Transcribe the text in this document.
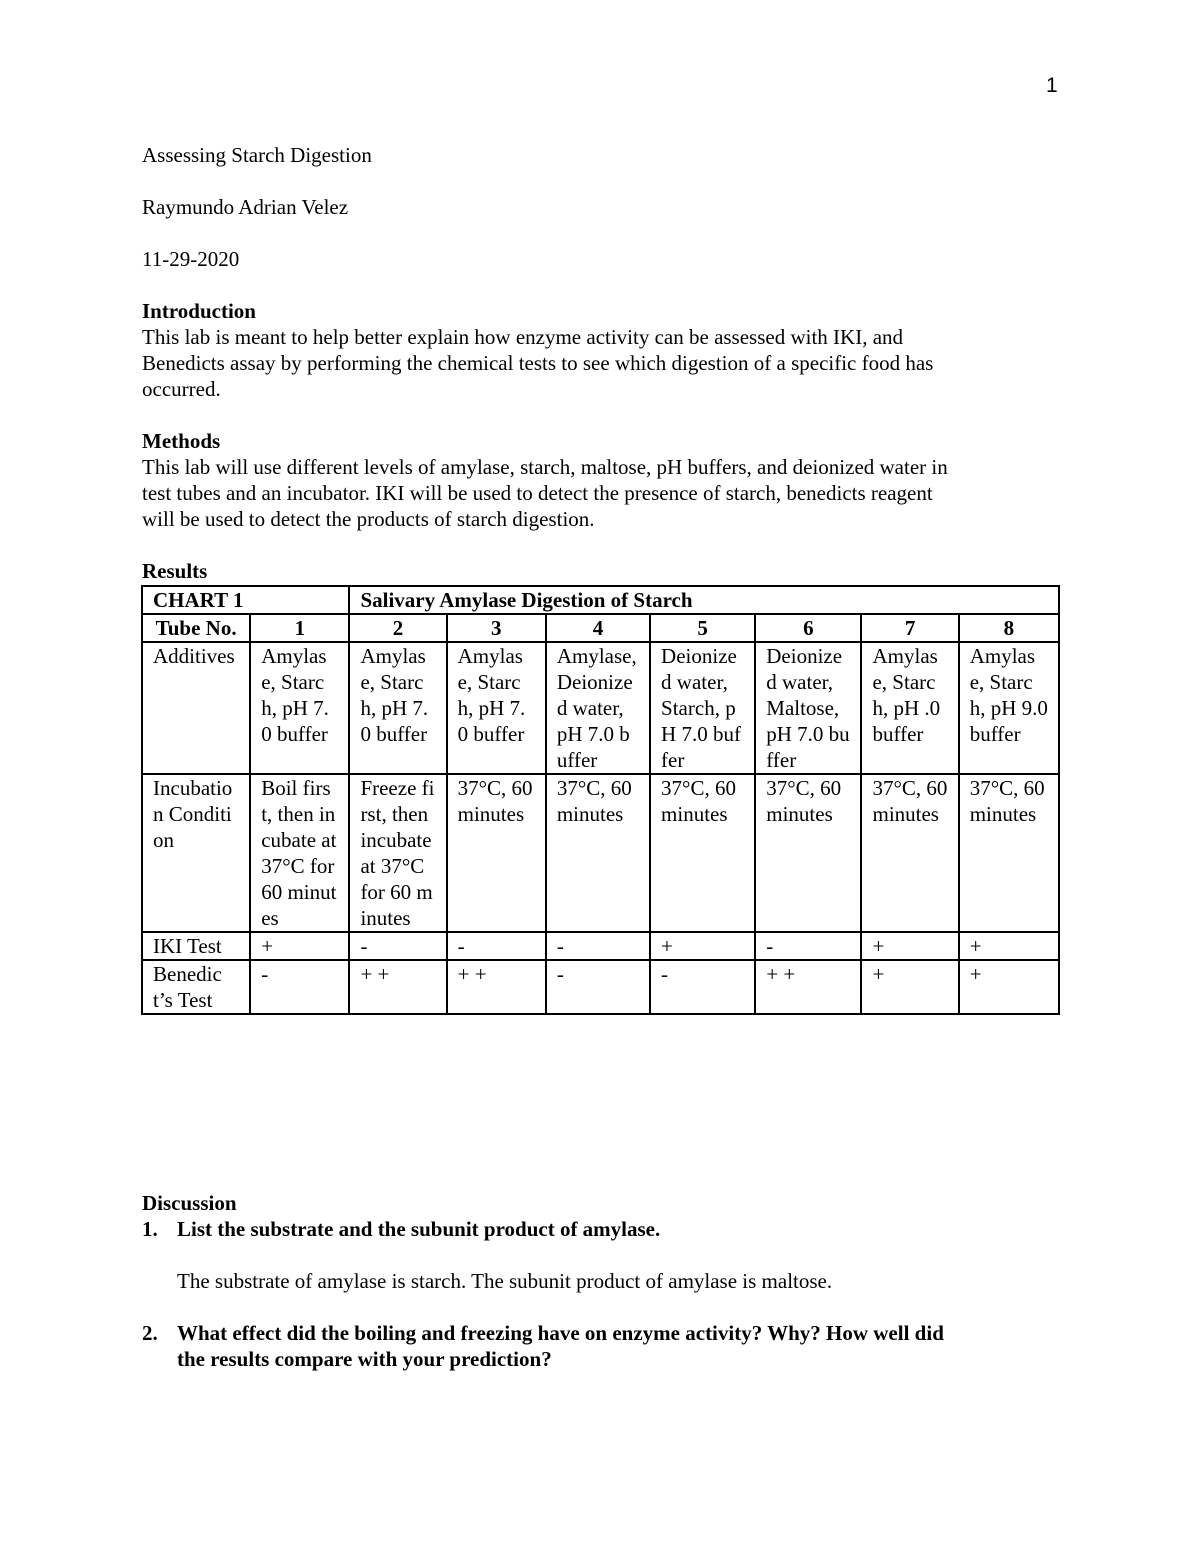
1

Assessing Starch Digestion

Raymundo Adrian Velez

11-29-2020

Introduction

This lab is meant to help better explain how enzyme activity can be assessed with IKI, and

Benedicts assay by performing the chemical tests to see which digestion of a specific food has

occurred.

Methods

This lab will use different levels of amylase, starch, maltose, pH buffers, and deionized water in

test tubes and an incubator. IKI will be used to detect the presence of starch, benedicts reagent

will be used to detect the products of starch digestion.

Results

CHART 1		Salivary Amylase Digestion of Starch						
Tube No.	1	2	3	4	5	6	7	8
Additives	Amylase, Starch, pH 7.0 buffer	Amylase, Starch, pH 7.0 buffer	Amylase, Starch, pH 7.0 buffer	Amylase, Deionized water, pH 7.0 buffer	Deionized water, Starch, pH 7.0 buffer	Deionized water, Maltose, pH 7.0 buffer	Amylase, Starch, pH .0 buffer	Amylase, Starch, pH 9.0 buffer
Incubation Condition	Boil first, then incubate at 37°C for 60 minutes	Freeze first, then incubate at 37°C for 60 minutes	37°C, 60 minutes	37°C, 60 minutes	37°C, 60 minutes	37°C, 60 minutes	37°C, 60 minutes	37°C, 60 minutes
IKI Test	+	-	-	-	+	-	+	+
Benedict’s Test	-	+ +	+ +	-	-	+ +	+	+

Discussion

1. List the substrate and the subunit product of amylase.

The substrate of amylase is starch. The subunit product of amylase is maltose.

2. What effect did the boiling and freezing have on enzyme activity? Why? How well did
the results compare with your prediction?
